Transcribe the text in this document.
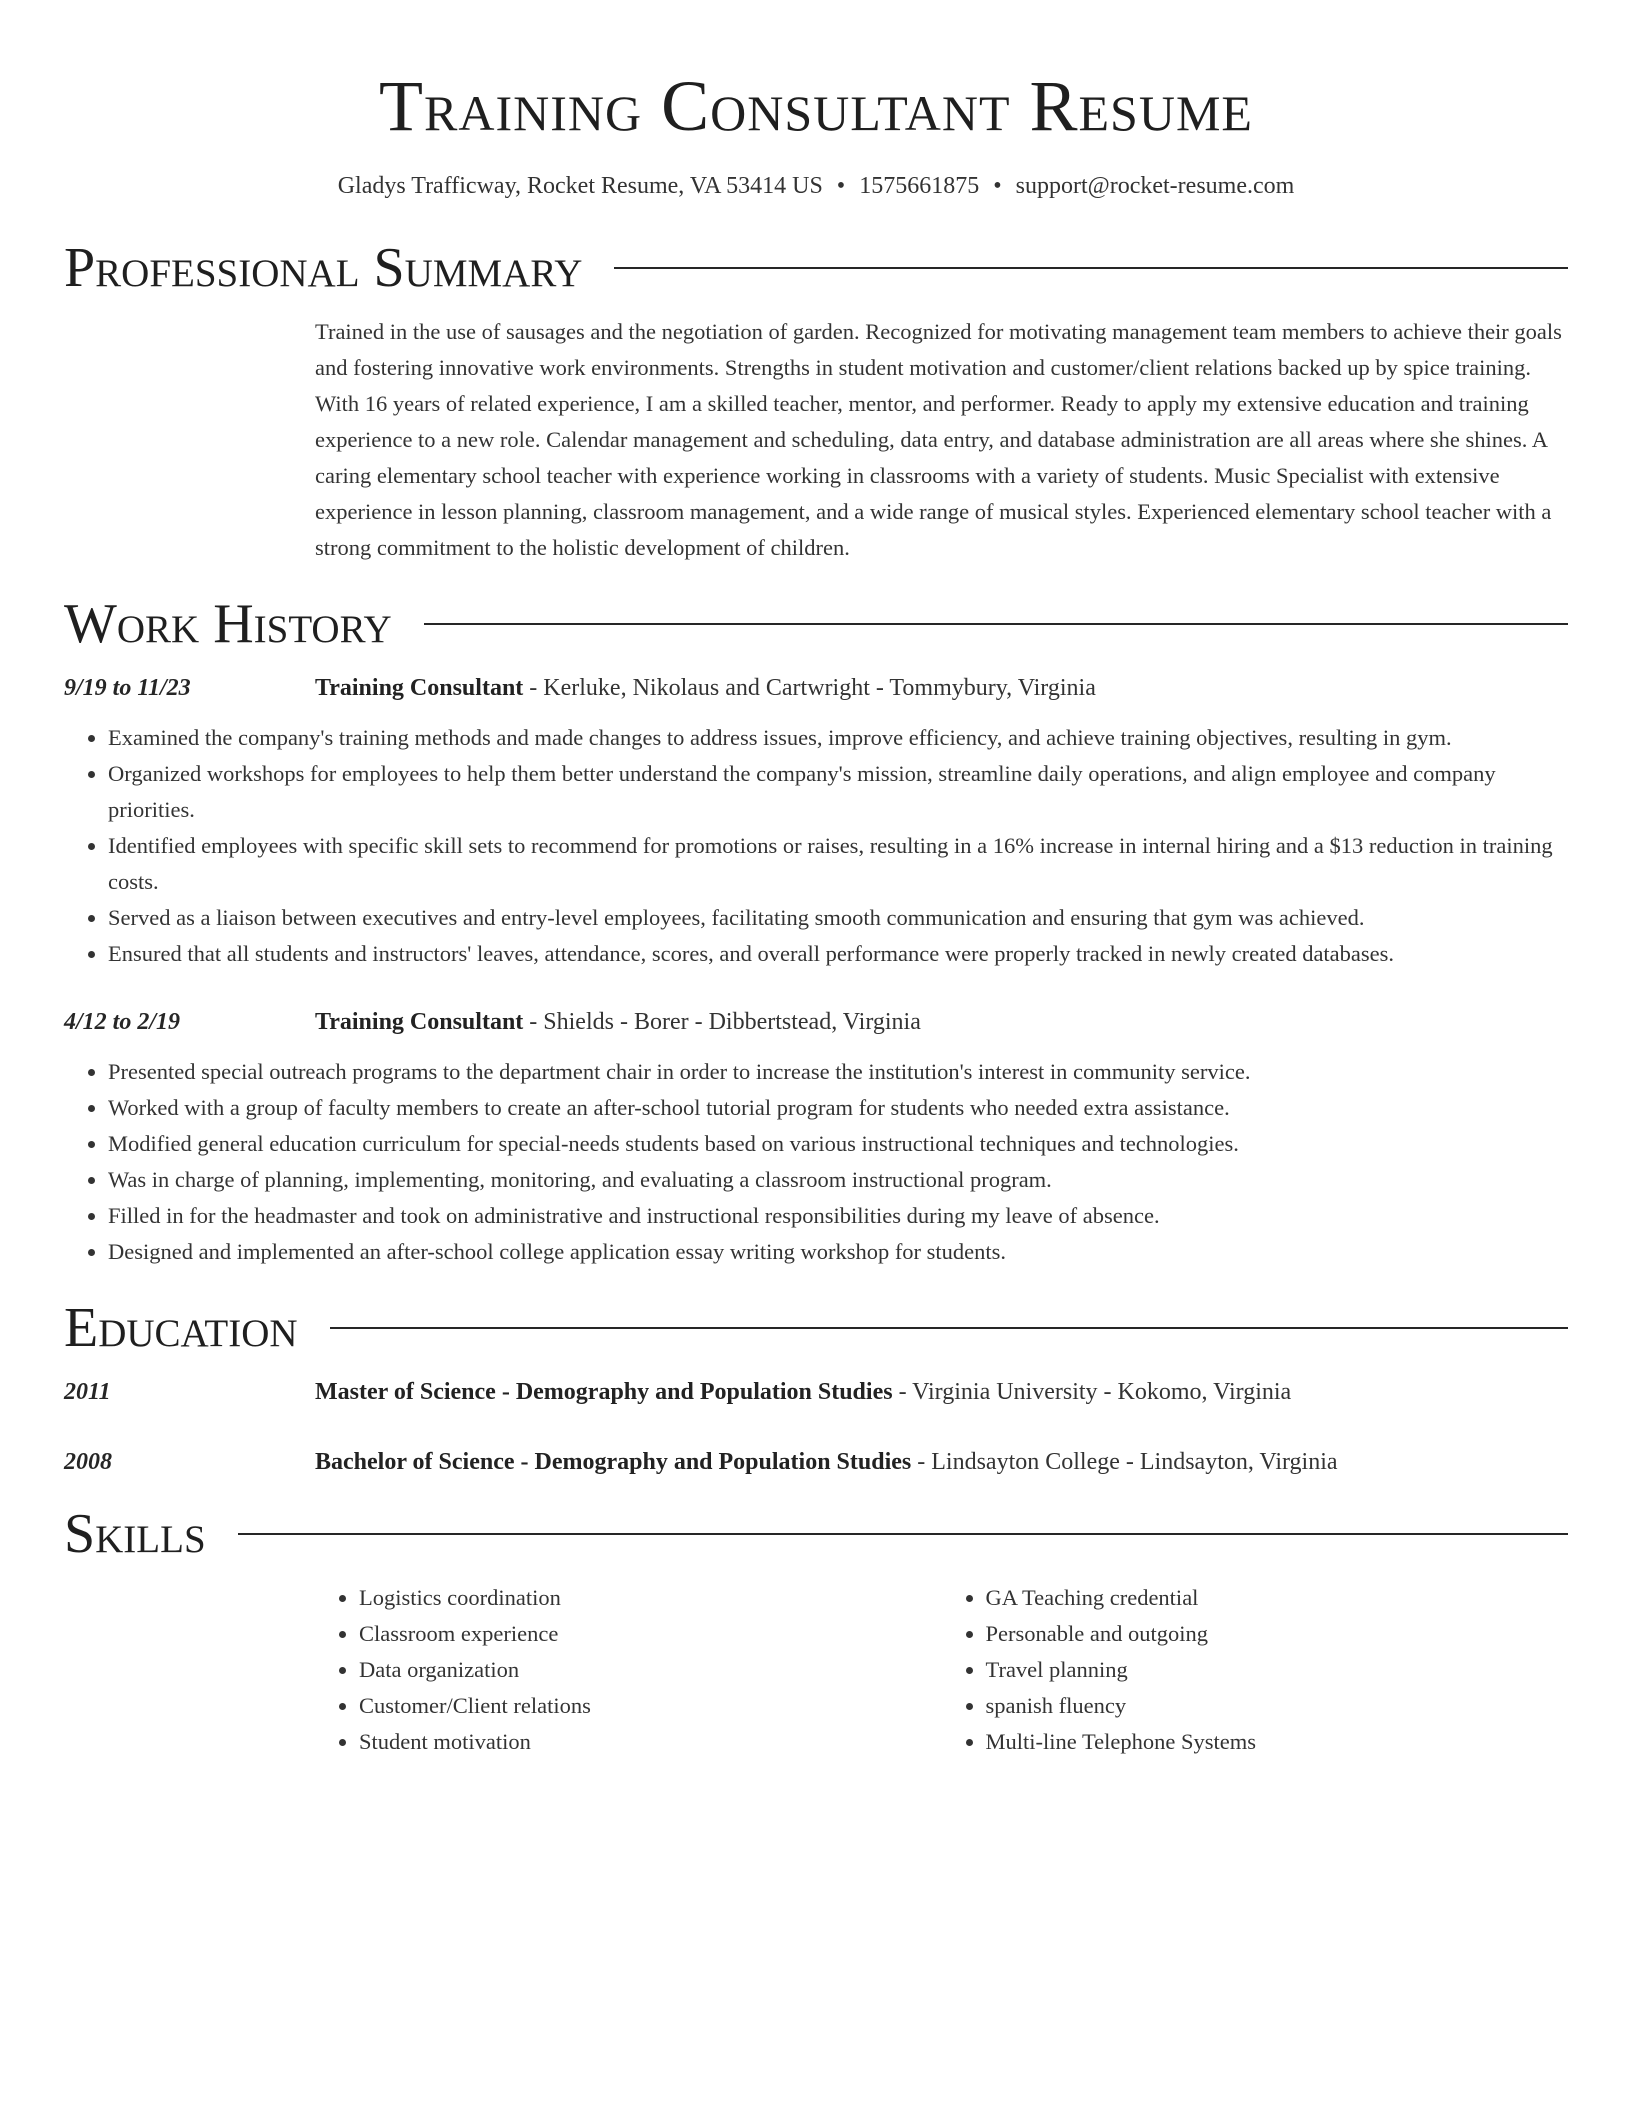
Training Consultant Resume
Gladys Trafficway, Rocket Resume, VA 53414 US • 1575661875 • support@rocket-resume.com
Professional Summary
Trained in the use of sausages and the negotiation of garden. Recognized for motivating management team members to achieve their goals and fostering innovative work environments. Strengths in student motivation and customer/client relations backed up by spice training. With 16 years of related experience, I am a skilled teacher, mentor, and performer. Ready to apply my extensive education and training experience to a new role. Calendar management and scheduling, data entry, and database administration are all areas where she shines. A caring elementary school teacher with experience working in classrooms with a variety of students. Music Specialist with extensive experience in lesson planning, classroom management, and a wide range of musical styles. Experienced elementary school teacher with a strong commitment to the holistic development of children.
Work History
9/19 to 11/23	Training Consultant - Kerluke, Nikolaus and Cartwright - Tommybury, Virginia
• Examined the company's training methods and made changes to address issues, improve efficiency, and achieve training objectives, resulting in gym.
• Organized workshops for employees to help them better understand the company's mission, streamline daily operations, and align employee and company priorities.
• Identified employees with specific skill sets to recommend for promotions or raises, resulting in a 16% increase in internal hiring and a $13 reduction in training costs.
• Served as a liaison between executives and entry-level employees, facilitating smooth communication and ensuring that gym was achieved.
• Ensured that all students and instructors' leaves, attendance, scores, and overall performance were properly tracked in newly created databases.
4/12 to 2/19	Training Consultant - Shields - Borer - Dibbertstead, Virginia
• Presented special outreach programs to the department chair in order to increase the institution's interest in community service.
• Worked with a group of faculty members to create an after-school tutorial program for students who needed extra assistance.
• Modified general education curriculum for special-needs students based on various instructional techniques and technologies.
• Was in charge of planning, implementing, monitoring, and evaluating a classroom instructional program.
• Filled in for the headmaster and took on administrative and instructional responsibilities during my leave of absence.
• Designed and implemented an after-school college application essay writing workshop for students.
Education
2011	Master of Science - Demography and Population Studies - Virginia University - Kokomo, Virginia
2008	Bachelor of Science - Demography and Population Studies - Lindsayton College - Lindsayton, Virginia
Skills
• Logistics coordination
• Classroom experience
• Data organization
• Customer/Client relations
• Student motivation
• GA Teaching credential
• Personable and outgoing
• Travel planning
• spanish fluency
• Multi-line Telephone Systems
